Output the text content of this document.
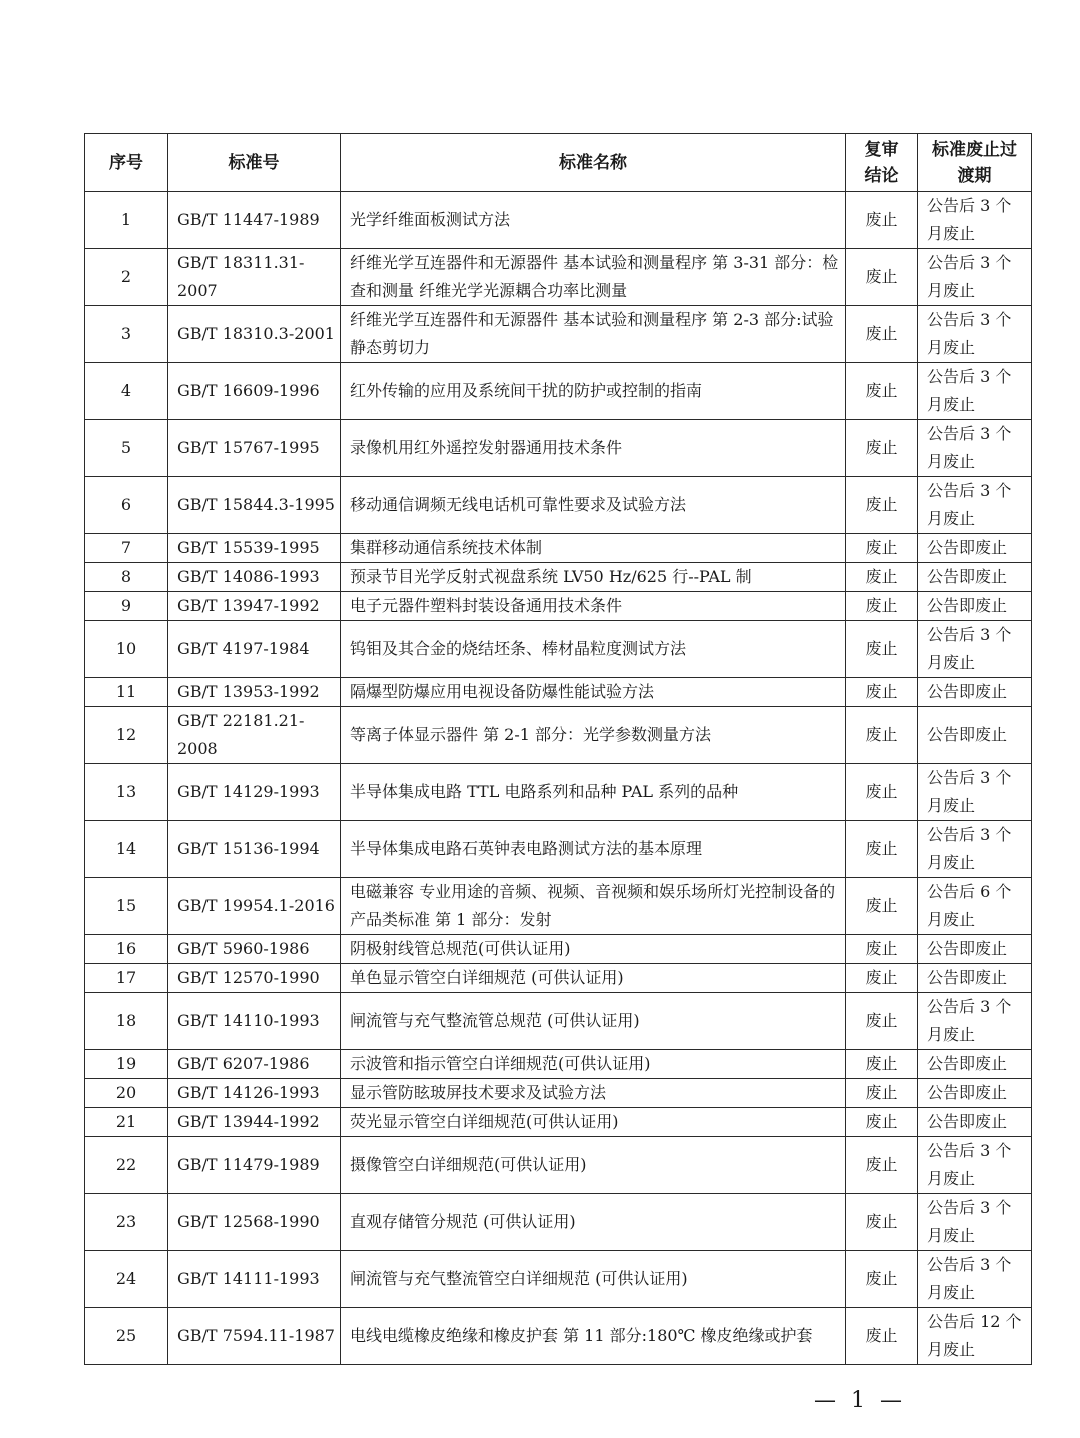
序号	标准号	标准名称	复审结论	标准废止过渡期
1	GB/T 11447-1989	光学纤维面板测试方法	废止	公告后 3 个月废止
2	GB/T 18311.31-2007	纤维光学互连器件和无源器件 基本试验和测量程序 第 3-31 部分：检查和测量 纤维光学光源耦合功率比测量	废止	公告后 3 个月废止
3	GB/T 18310.3-2001	纤维光学互连器件和无源器件 基本试验和测量程序 第 2-3 部分:试验 静态剪切力	废止	公告后 3 个月废止
4	GB/T 16609-1996	红外传输的应用及系统间干扰的防护或控制的指南	废止	公告后 3 个月废止
5	GB/T 15767-1995	录像机用红外遥控发射器通用技术条件	废止	公告后 3 个月废止
6	GB/T 15844.3-1995	移动通信调频无线电话机可靠性要求及试验方法	废止	公告后 3 个月废止
7	GB/T 15539-1995	集群移动通信系统技术体制	废止	公告即废止
8	GB/T 14086-1993	预录节目光学反射式视盘系统 LV50 Hz/625 行--PAL 制	废止	公告即废止
9	GB/T 13947-1992	电子元器件塑料封装设备通用技术条件	废止	公告即废止
10	GB/T 4197-1984	钨钼及其合金的烧结坯条、棒材晶粒度测试方法	废止	公告后 3 个月废止
11	GB/T 13953-1992	隔爆型防爆应用电视设备防爆性能试验方法	废止	公告即废止
12	GB/T 22181.21-2008	等离子体显示器件 第 2-1 部分：光学参数测量方法	废止	公告即废止
13	GB/T 14129-1993	半导体集成电路 TTL 电路系列和品种 PAL 系列的品种	废止	公告后 3 个月废止
14	GB/T 15136-1994	半导体集成电路石英钟表电路测试方法的基本原理	废止	公告后 3 个月废止
15	GB/T 19954.1-2016	电磁兼容 专业用途的音频、视频、音视频和娱乐场所灯光控制设备的产品类标准 第 1 部分：发射	废止	公告后 6 个月废止
16	GB/T 5960-1986	阴极射线管总规范(可供认证用)	废止	公告即废止
17	GB/T 12570-1990	单色显示管空白详细规范 (可供认证用)	废止	公告即废止
18	GB/T 14110-1993	闸流管与充气整流管总规范 (可供认证用)	废止	公告后 3 个月废止
19	GB/T 6207-1986	示波管和指示管空白详细规范(可供认证用)	废止	公告即废止
20	GB/T 14126-1993	显示管防眩玻屏技术要求及试验方法	废止	公告即废止
21	GB/T 13944-1992	荧光显示管空白详细规范(可供认证用)	废止	公告即废止
22	GB/T 11479-1989	摄像管空白详细规范(可供认证用)	废止	公告后 3 个月废止
23	GB/T 12568-1990	直观存储管分规范 (可供认证用)	废止	公告后 3 个月废止
24	GB/T 14111-1993	闸流管与充气整流管空白详细规范 (可供认证用)	废止	公告后 3 个月废止
25	GB/T 7594.11-1987	电线电缆橡皮绝缘和橡皮护套 第 11 部分:180℃ 橡皮绝缘或护套	废止	公告后 12 个月废止
— 1 —
